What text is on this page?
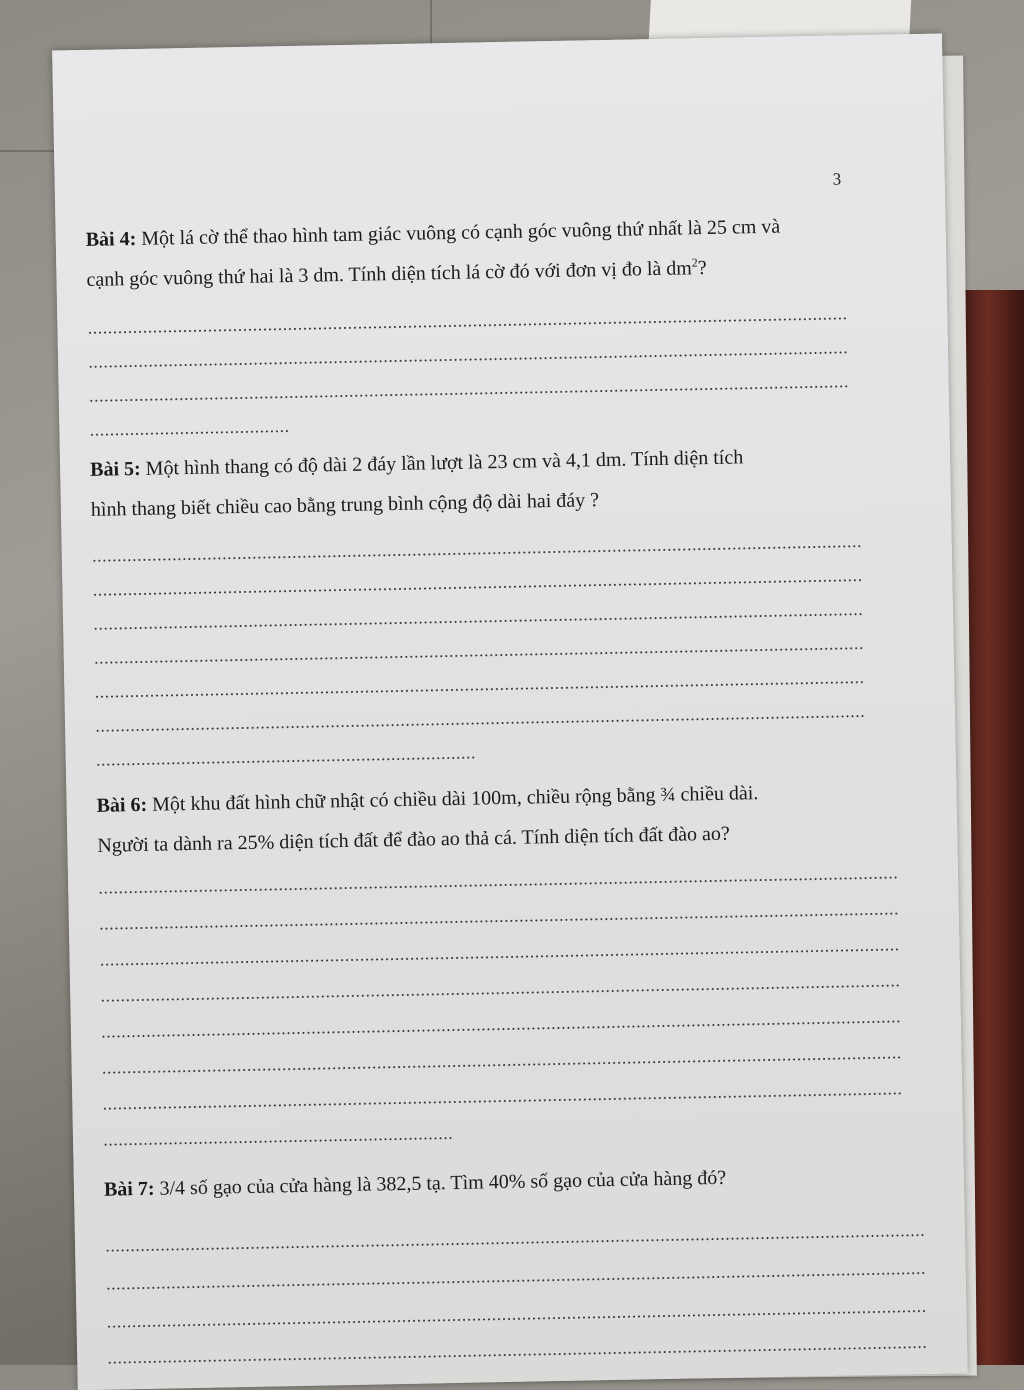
3
Bài 4: Một lá cờ thể thao hình tam giác vuông có cạnh góc vuông thứ nhất là 25 cm và
cạnh góc vuông thứ hai là 3 dm. Tính diện tích lá cờ đó với đơn vị đo là $dm^2$?
Bài 5: Một hình thang có độ dài 2 đáy lần lượt là 23 cm và 4,1 dm. Tính diện tích
hình thang biết chiều cao bằng trung bình cộng độ dài hai đáy ?
Bài 6: Một khu đất hình chữ nhật có chiều dài 100m, chiều rộng bằng ¾ chiều dài.
Người ta dành ra 25% diện tích đất để đào ao thả cá. Tính diện tích đất đào ao?
Bài 7: 3/4 số gạo của cửa hàng là 382,5 tạ. Tìm 40% số gạo của cửa hàng đó?
